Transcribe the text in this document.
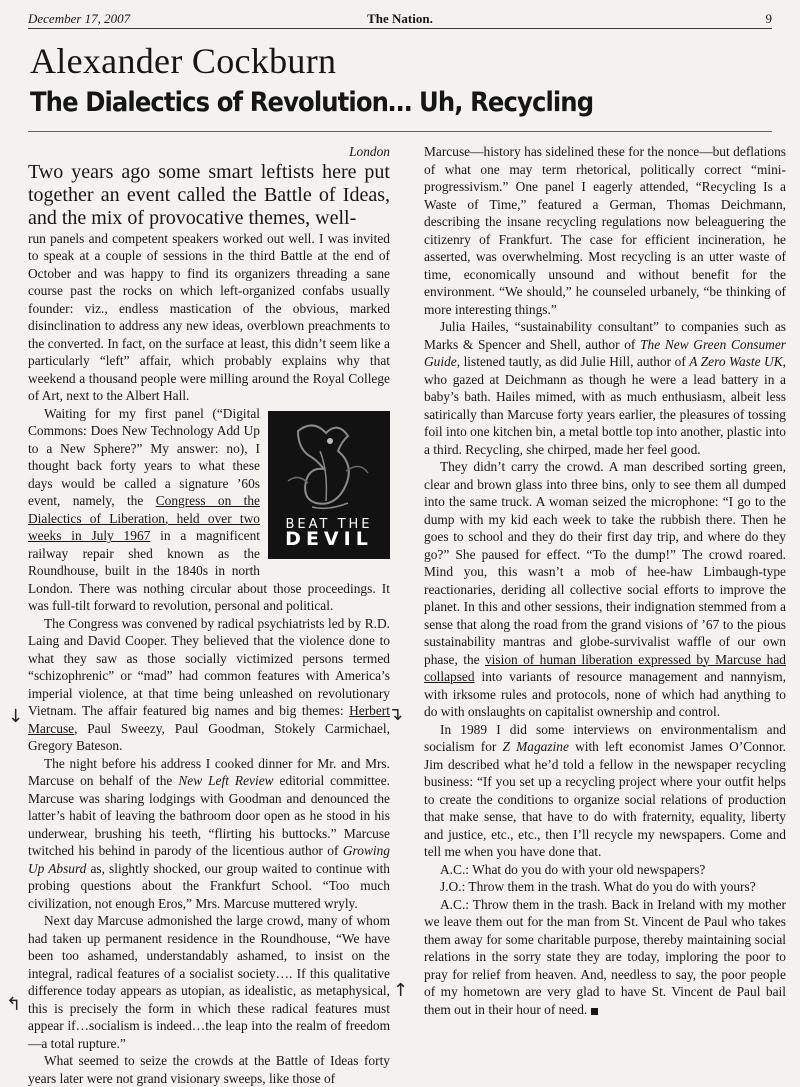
December 17, 2007	The Nation.	9
Alexander Cockburn
The Dialectics of Revolution… Uh, Recycling

London

Two years ago some smart leftists here put together an event called the Battle of Ideas, and the mix of provocative themes, well-

run panels and competent speakers worked out well. I was invited to speak at a couple of sessions in the third Battle at the end of October and was happy to find its organizers threading a sane course past the rocks on which left-organized confabs usually founder: viz., endless mastication of the obvious, marked disinclination to address any new ideas, overblown preachments to the converted. In fact, on the surface at least, this didn’t seem like a particularly “left” affair, which probably explains why that weekend a thousand people were milling around the Royal College of Art, next to the Albert Hall.

BEAT THE
DEVIL

Waiting for my first panel (“Digital Commons: Does New Technology Add Up to a New Sphere?” My answer: no), I thought back forty years to what these days would be called a signature ’60s event, namely, the Congress on the Dialectics of Liberation, held over two weeks in July 1967 in a magnificent railway repair shed known as the Roundhouse, built in the 1840s in north London. There was nothing circular about those proceedings. It was full-tilt forward to revolution, personal and political.

The Congress was convened by radical psychiatrists led by R.D. Laing and David Cooper. They believed that the violence done to what they saw as those socially victimized persons termed “schizophrenic” or “mad” had common features with America’s imperial violence, at that time being unleashed on revolutionary Vietnam. The affair featured big names and big themes: Herbert Marcuse, Paul Sweezy, Paul Goodman, Stokely Carmichael, Gregory Bateson.

The night before his address I cooked dinner for Mr. and Mrs. Marcuse on behalf of the New Left Review editorial committee. Marcuse was sharing lodgings with Goodman and denounced the latter’s habit of leaving the bathroom door open as he stood in his underwear, brushing his teeth, “flirting his buttocks.” Marcuse twitched his behind in parody of the licentious author of Growing Up Absurd as, slightly shocked, our group waited to continue with probing questions about the Frankfurt School. “Too much civilization, not enough Eros,” Mrs. Marcuse muttered wryly.

Next day Marcuse admonished the large crowd, many of whom had taken up permanent residence in the Roundhouse, “We have been too ashamed, understandably ashamed, to insist on the integral, radical features of a socialist society…. If this qualitative difference today appears as utopian, as idealistic, as metaphysical, this is precisely the form in which these radical features must appear if…socialism is indeed…the leap into the realm of freedom—a total rupture.”

What seemed to seize the crowds at the Battle of Ideas forty years later were not grand visionary sweeps, like those of

Marcuse—history has sidelined these for the nonce—but deflations of what one may term rhetorical, politically correct “mini-progressivism.” One panel I eagerly attended, “Recycling Is a Waste of Time,” featured a German, Thomas Deichmann, describing the insane recycling regulations now beleaguering the citizenry of Frankfurt. The case for efficient incineration, he asserted, was overwhelming. Most recycling is an utter waste of time, economically unsound and without benefit for the environment. “We should,” he counseled urbanely, “be thinking of more interesting things.”

Julia Hailes, “sustainability consultant” to companies such as Marks & Spencer and Shell, author of The New Green Consumer Guide, listened tautly, as did Julie Hill, author of A Zero Waste UK, who gazed at Deichmann as though he were a lead battery in a baby’s bath. Hailes mimed, with as much enthusiasm, albeit less satirically than Marcuse forty years earlier, the pleasures of tossing foil into one kitchen bin, a metal bottle top into another, plastic into a third. Recycling, she chirped, made her feel good.

They didn’t carry the crowd. A man described sorting green, clear and brown glass into three bins, only to see them all dumped into the same truck. A woman seized the microphone: “I go to the dump with my kid each week to take the rubbish there. Then he goes to school and they do their first day trip, and where do they go?” She paused for effect. “To the dump!” The crowd roared. Mind you, this wasn’t a mob of hee-haw Limbaugh-type reactionaries, deriding all collective social efforts to improve the planet. In this and other sessions, their indignation stemmed from a sense that along the road from the grand visions of ’67 to the pious sustainability mantras and globe-survivalist waffle of our own phase, the vision of human liberation expressed by Marcuse had collapsed into variants of resource management and nannyism, with irksome rules and protocols, none of which had anything to do with onslaughts on capitalist ownership and control.

In 1989 I did some interviews on environmentalism and socialism for Z Magazine with left economist James O’Connor. Jim described what he’d told a fellow in the newspaper recycling business: “If you set up a recycling project where your outfit helps to create the conditions to organize social relations of production that make sense, that have to do with fraternity, equality, liberty and justice, etc., etc., then I’ll recycle my newspapers. Come and tell me when you have done that.

A.C.: What do you do with your old newspapers?

J.O.: Throw them in the trash. What do you do with yours?

A.C.: Throw them in the trash. Back in Ireland with my mother we leave them out for the man from St. Vincent de Paul who takes them away for some charitable purpose, thereby maintaining social relations in the sorry state they are today, imploring the poor to pray for relief from heaven. And, needless to say, the poor people of my hometown are very glad to have St. Vincent de Paul bail them out in their hour of need.

↓	↴
↑
↰
